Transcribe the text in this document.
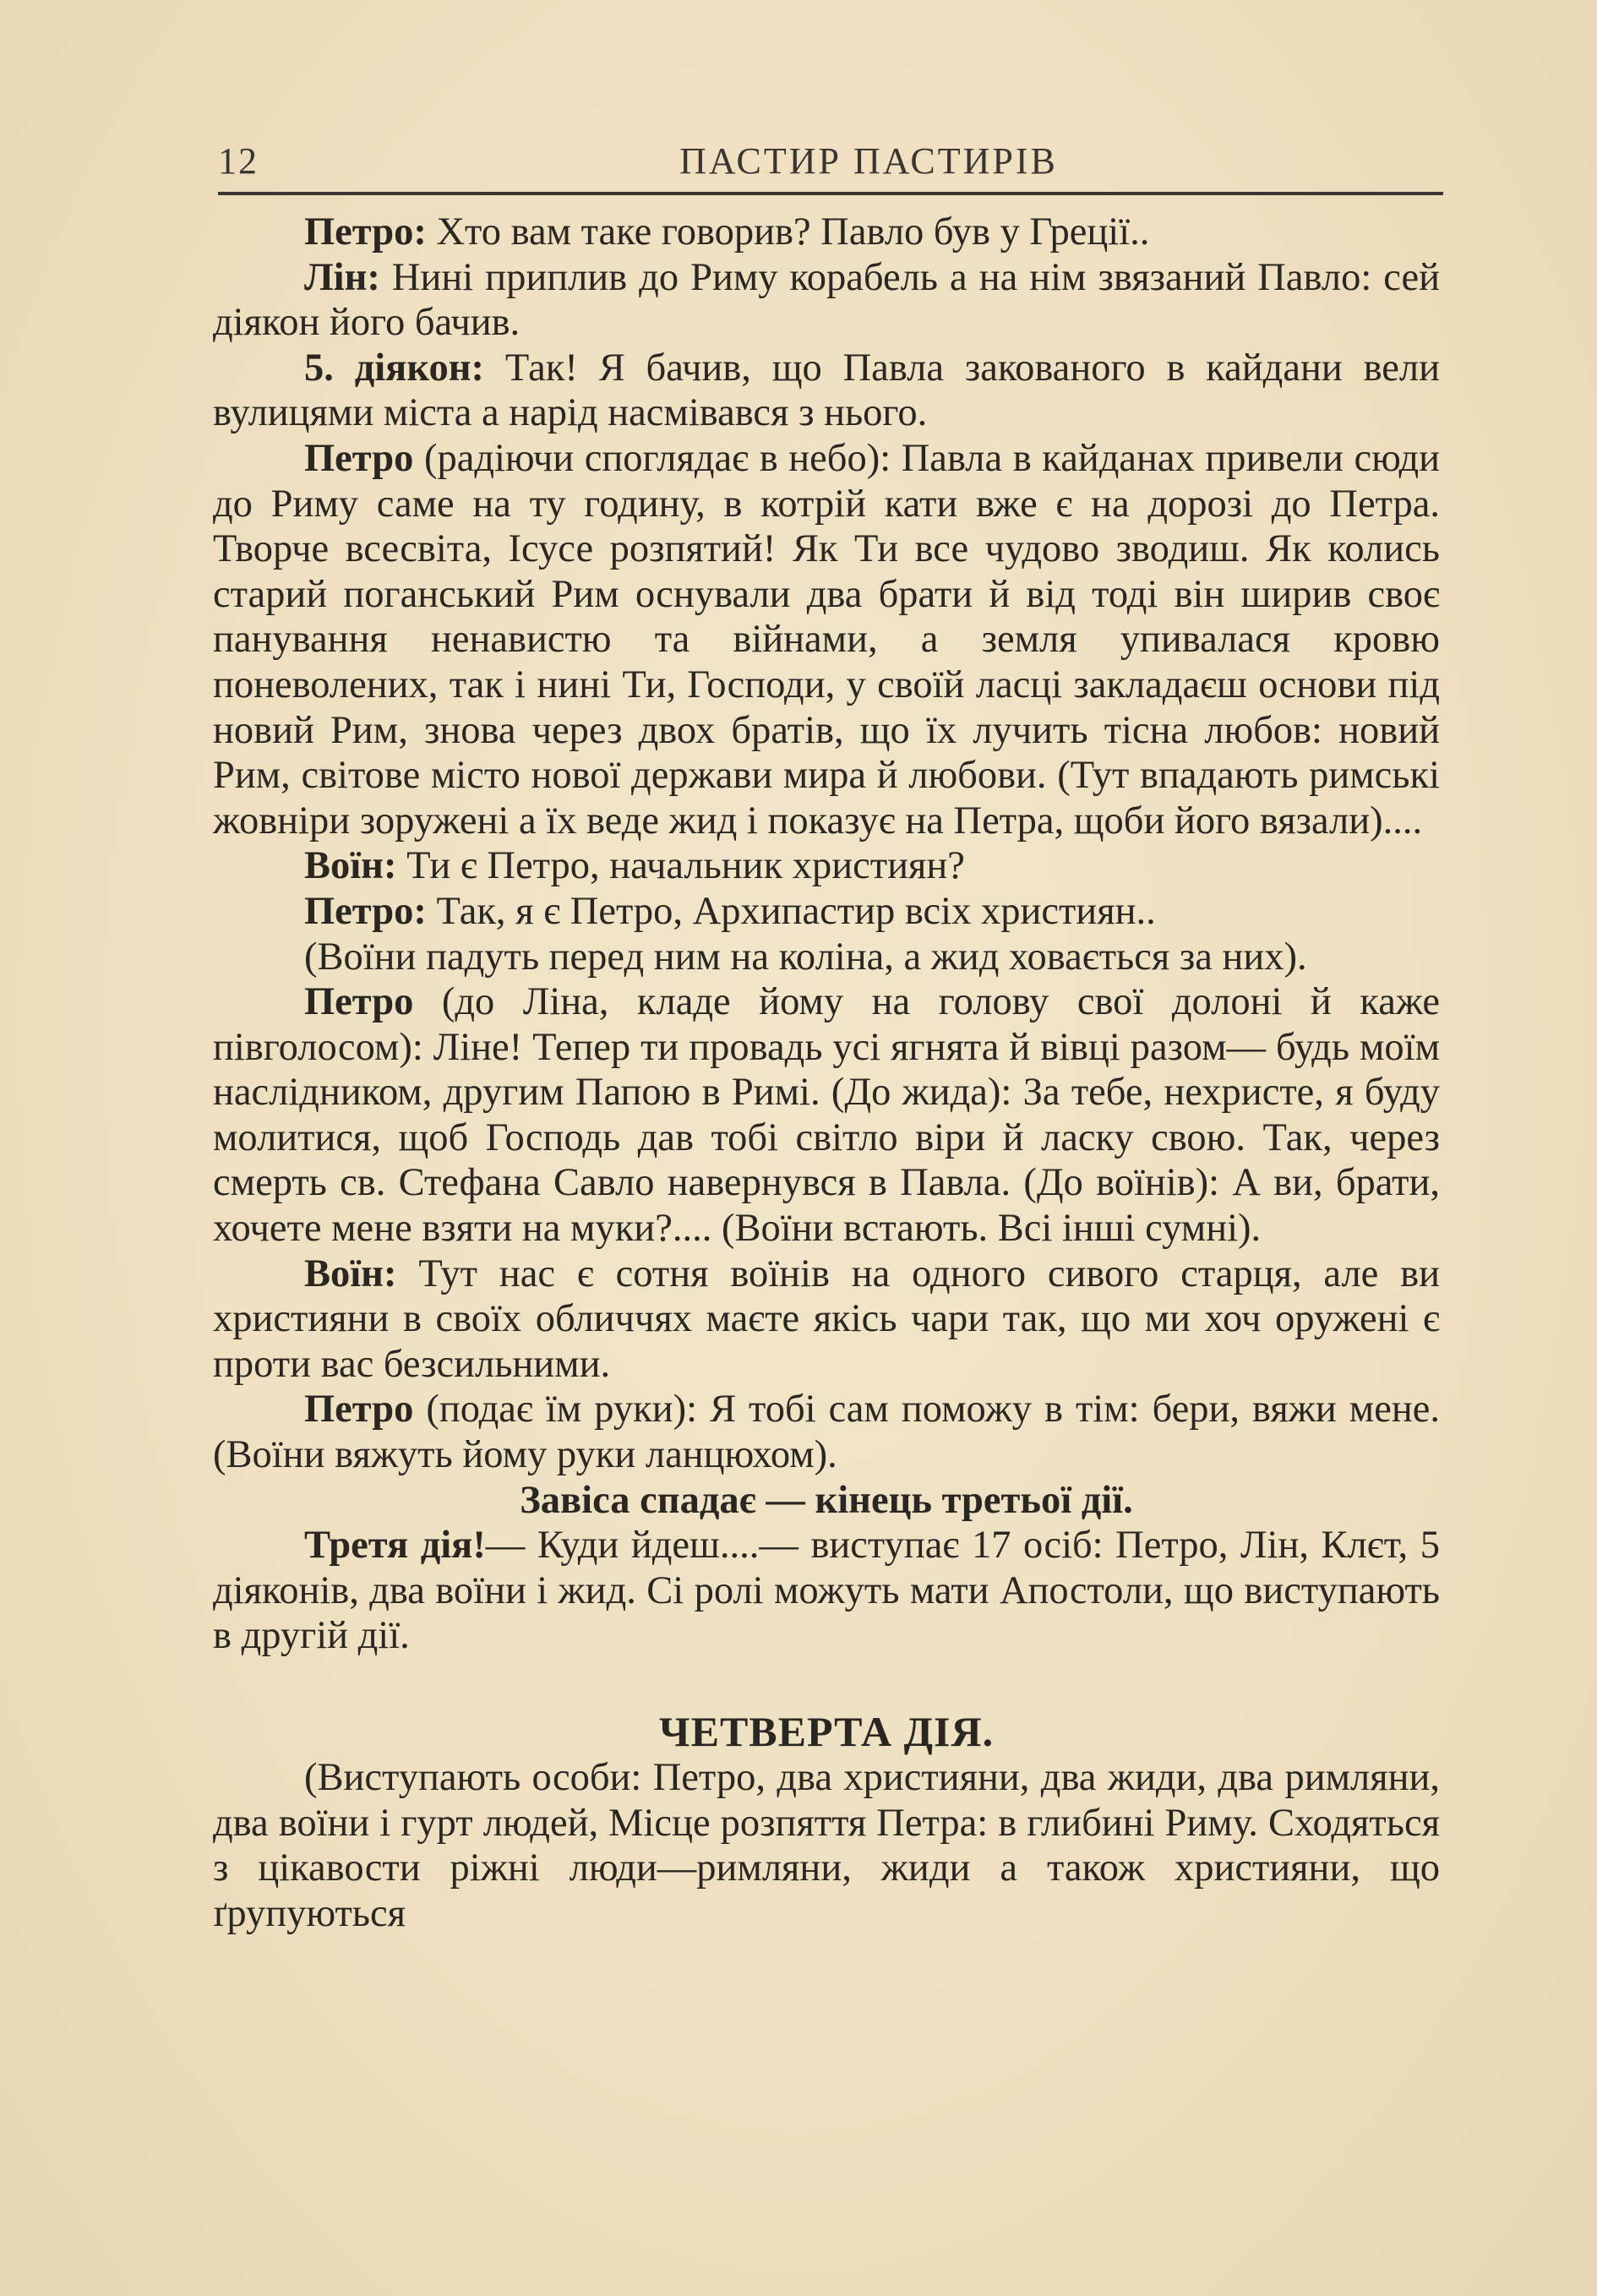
12	ПАСТИР ПАСТИРІВ

Петро: Хто вам таке говорив? Павло був у Греції..

Лін: Нині приплив до Риму корабель а на нім звязаний Павло: сей діякон його бачив.

5. діякон: Так! Я бачив, що Павла закованого в кайдани вели вулицями міста а нарід насмівався з нього.

Петро (радіючи споглядає в небо): Павла в кайданах привели сюди до Риму саме на ту годину, в котрій кати вже є на дорозі до Петра. Творче всесвіта, Ісусе розпятий! Як Ти все чудово зводиш. Як колись старий поганський Рим оснували два брати й від тоді він ширив своє панування ненавистю та війнами, а земля упивалася кровю поневолених, так і нині Ти, Господи, у своїй ласці закладаєш основи під новий Рим, знова через двох братів, що їх лучить тісна любов: новий Рим, світове місто нової держави мира й любови. (Тут впадають римські жовніри зоружені а їх веде жид і показує на Петра, щоби його вязали)....

Воїн: Ти є Петро, начальник християн?

Петро: Так, я є Петро, Архипастир всіх християн..

(Воїни падуть перед ним на коліна, а жид ховається за них).

Петро (до Ліна, кладе йому на голову свої долоні й каже півголосом): Ліне! Тепер ти провадь усі ягнята й вівці разом— будь моїм наслідником, другим Папою в Римі. (До жида): За тебе, нехристе, я буду молитися, щоб Господь дав тобі світло віри й ласку свою. Так, через смерть св. Стефана Савло навернувся в Павла. (До воїнів): А ви, брати, хочете мене взяти на муки?.... (Воїни встають. Всі інші сумні).

Воїн: Тут нас є сотня воїнів на одного сивого старця, але ви християни в своїх обличчях маєте якісь чари так, що ми хоч оружені є проти вас безсильними.

Петро (подає їм руки): Я тобі сам поможу в тім: бери, вяжи мене. (Воїни вяжуть йому руки ланцюхом).

Завіса спадає — кінець третьої дії.

Третя дія!— Куди йдеш....— виступає 17 осіб: Петро, Лін, Клєт, 5 діяконів, два воїни і жид. Сі ролі можуть мати Апостоли, що виступають в другій дії.

ЧЕТВЕРТА ДІЯ.

(Виступають особи: Петро, два християни, два жиди, два римляни, два воїни і гурт людей, Місце розпяття Петра: в глибині Риму. Сходяться з цікавости ріжні люди—римляни, жиди а також християни, що ґрупуються
